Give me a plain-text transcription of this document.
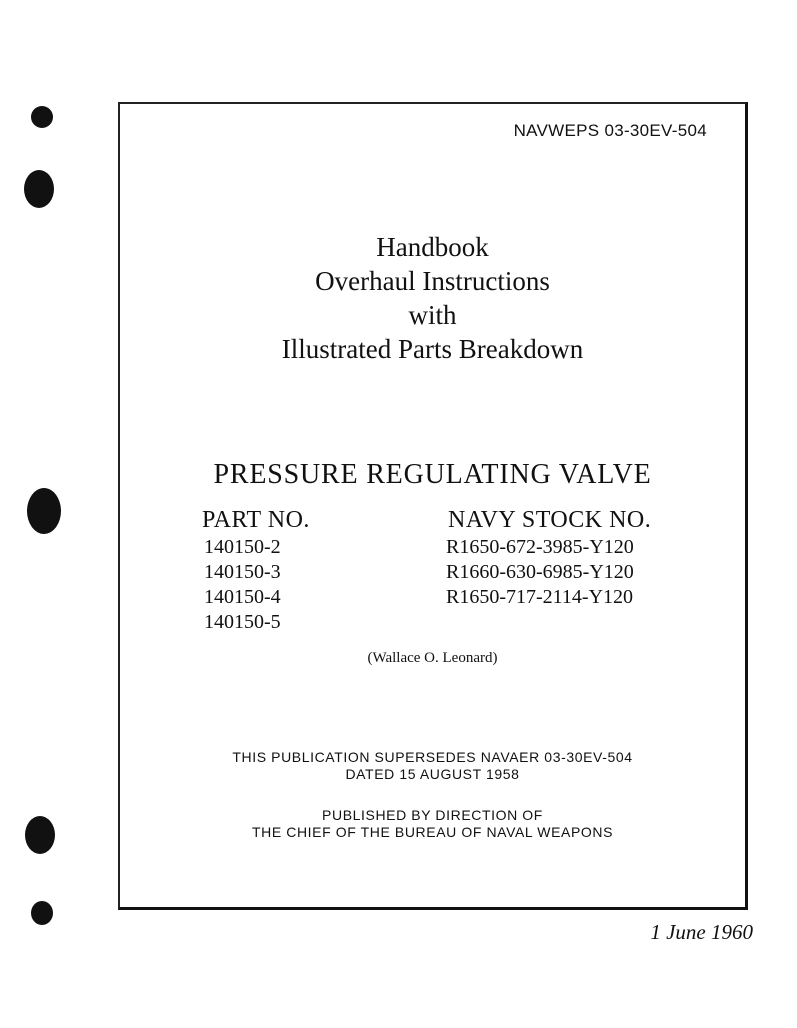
NAVWEPS 03-30EV-504
Handbook
Overhaul Instructions
with
Illustrated Parts Breakdown
PRESSURE REGULATING VALVE
PART NO.
140150-2
140150-3
140150-4
140150-5
NAVY STOCK NO.
R1650-672-3985-Y120
R1660-630-6985-Y120
R1650-717-2114-Y120
(Wallace O. Leonard)
THIS PUBLICATION SUPERSEDES NAVAER 03-30EV-504
DATED 15 AUGUST 1958
PUBLISHED BY DIRECTION OF
THE CHIEF OF THE BUREAU OF NAVAL WEAPONS
1 June 1960
